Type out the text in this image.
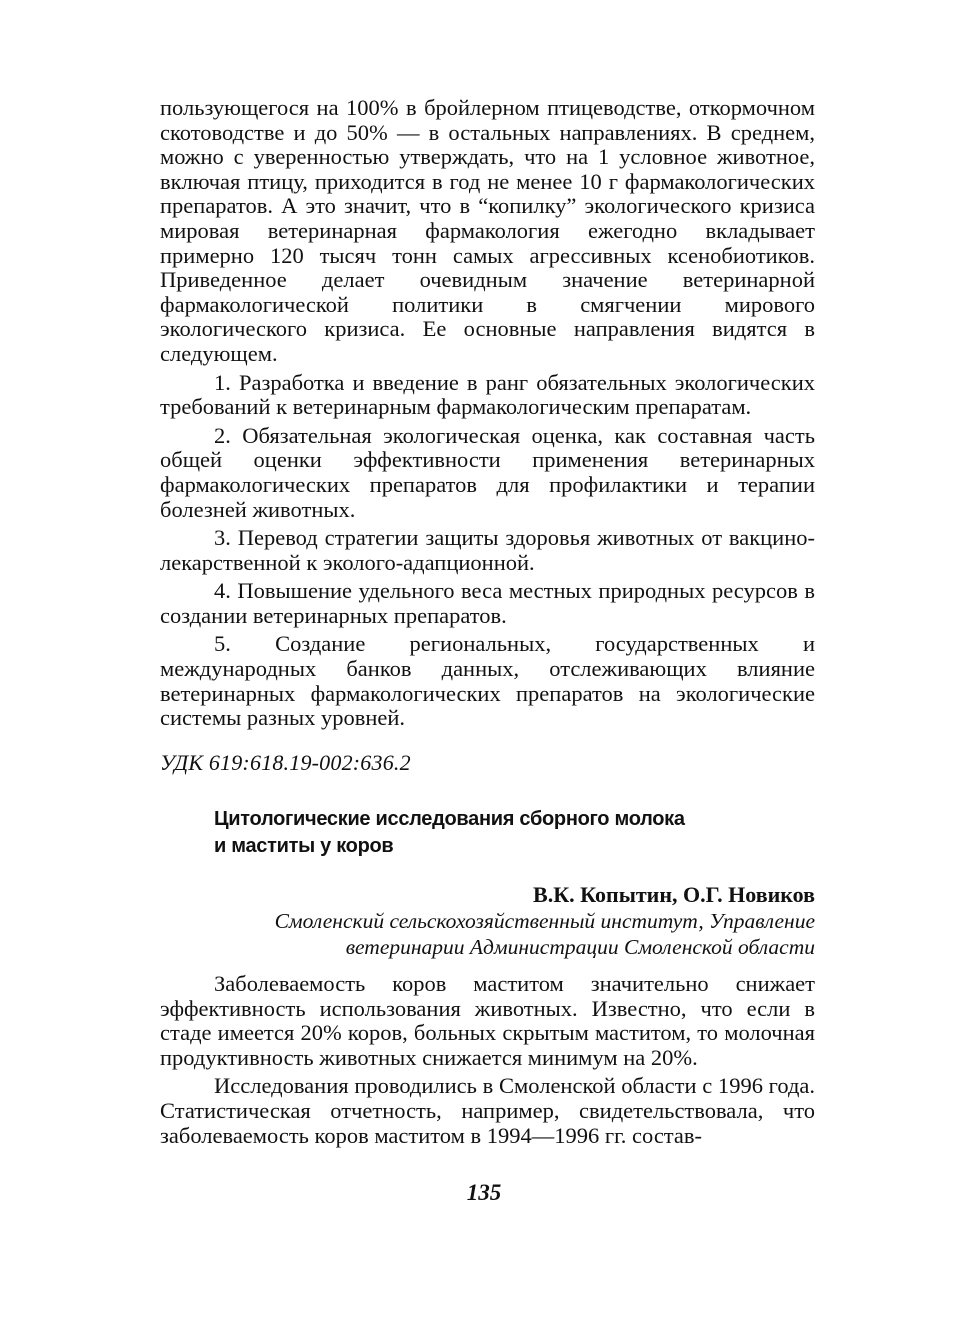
пользующегося на 100% в бройлерном птицеводстве, откормочном скотоводстве и до 50% — в остальных направлениях. В среднем, можно с уверенностью утверждать, что на 1 условное животное, включая птицу, приходится в год не менее 10 г фармакологических препаратов. А это значит, что в “копилку” экологического кризиса мировая ветеринарная фармакология ежегодно вкладывает примерно 120 тысяч тонн самых агрессивных ксенобиотиков. Приведенное делает очевидным значение ветеринарной фармакологической политики в смягчении мирового экологического кризиса. Ее основные направления видятся в следующем.

1. Разработка и введение в ранг обязательных экологических требований к ветеринарным фармакологическим препаратам.

2. Обязательная экологическая оценка, как составная часть общей оценки эффективности применения ветеринарных фармакологических препаратов для профилактики и терапии болезней животных.

3. Перевод стратегии защиты здоровья животных от вакцино-лекарственной к эколого-адапционной.

4. Повышение удельного веса местных природных ресурсов в создании ветеринарных препаратов.

5. Создание региональных, государственных и международных банков данных, отслеживающих влияние ветеринарных фармакологических препаратов на экологические системы разных уровней.

УДК 619:618.19-002:636.2
Цитологические исследования сборного молока
и маститы у коров
В.К. Копытин, О.Г. Новиков
Смоленский сельскохозяйственный институт, Управление
ветеринарии Администрации Смоленской области

Заболеваемость коров маститом значительно снижает эффективность использования животных. Известно, что если в стаде имеется 20% коров, больных скрытым маститом, то молочная продуктивность животных снижается минимум на 20%.

Исследования проводились в Смоленской области с 1996 года. Статистическая отчетность, например, свидетельствовала, что заболеваемость коров маститом в 1994—1996 гг. состав-

135
